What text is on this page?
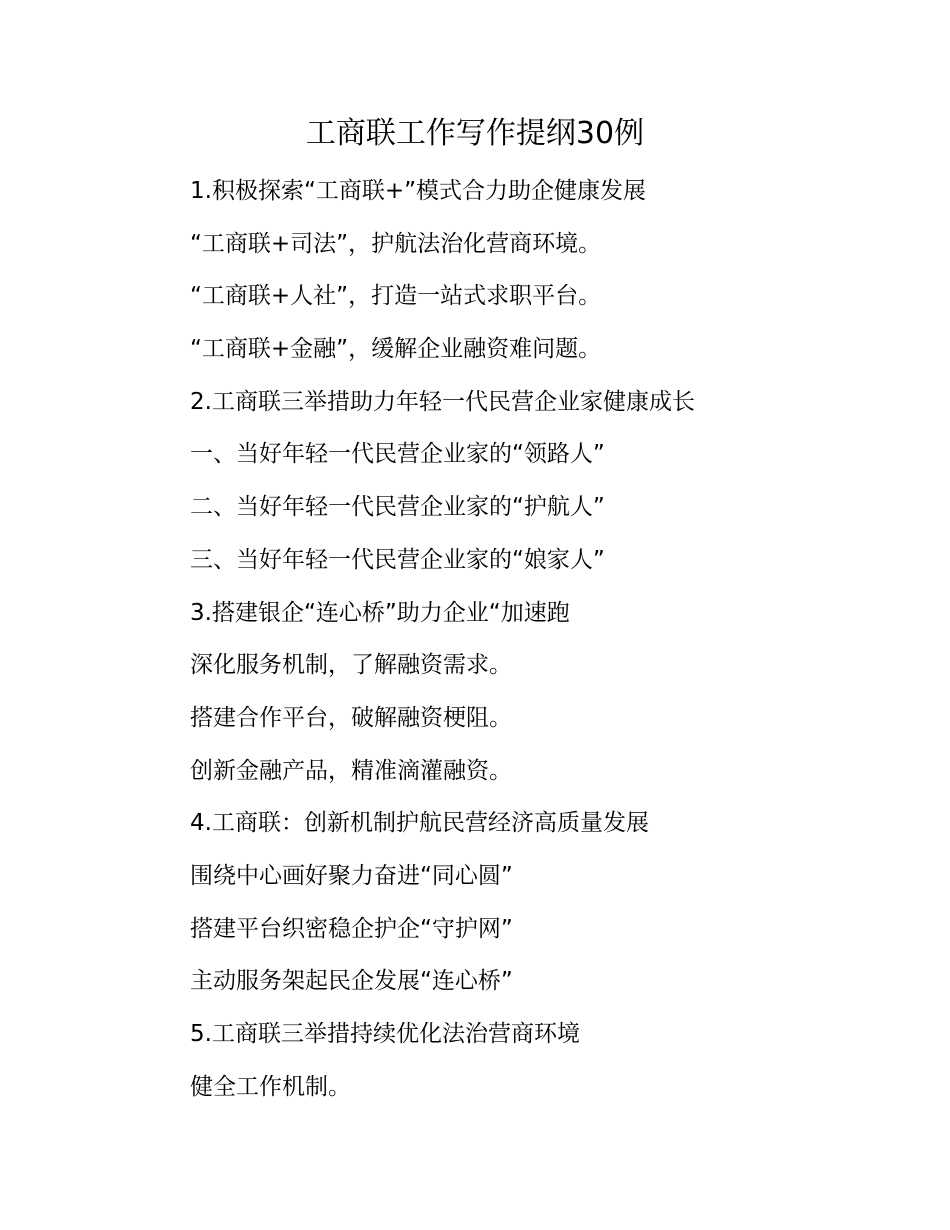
工商联工作写作提纲30例
1.积极探索“工商联+”模式合力助企健康发展
“工商联+司法”，护航法治化营商环境。
“工商联+人社”，打造一站式求职平台。
“工商联+金融”，缓解企业融资难问题。
2.工商联三举措助力年轻一代民营企业家健康成长
一、当好年轻一代民营企业家的“领路人”
二、当好年轻一代民营企业家的“护航人”
三、当好年轻一代民营企业家的“娘家人”
3.搭建银企“连心桥”助力企业“加速跑
深化服务机制，了解融资需求。
搭建合作平台，破解融资梗阻。
创新金融产品，精准滴灌融资。
4.工商联：创新机制护航民营经济高质量发展
围绕中心画好聚力奋进“同心圆”
搭建平台织密稳企护企“守护网”
主动服务架起民企发展“连心桥”
5.工商联三举措持续优化法治营商环境
健全工作机制。
